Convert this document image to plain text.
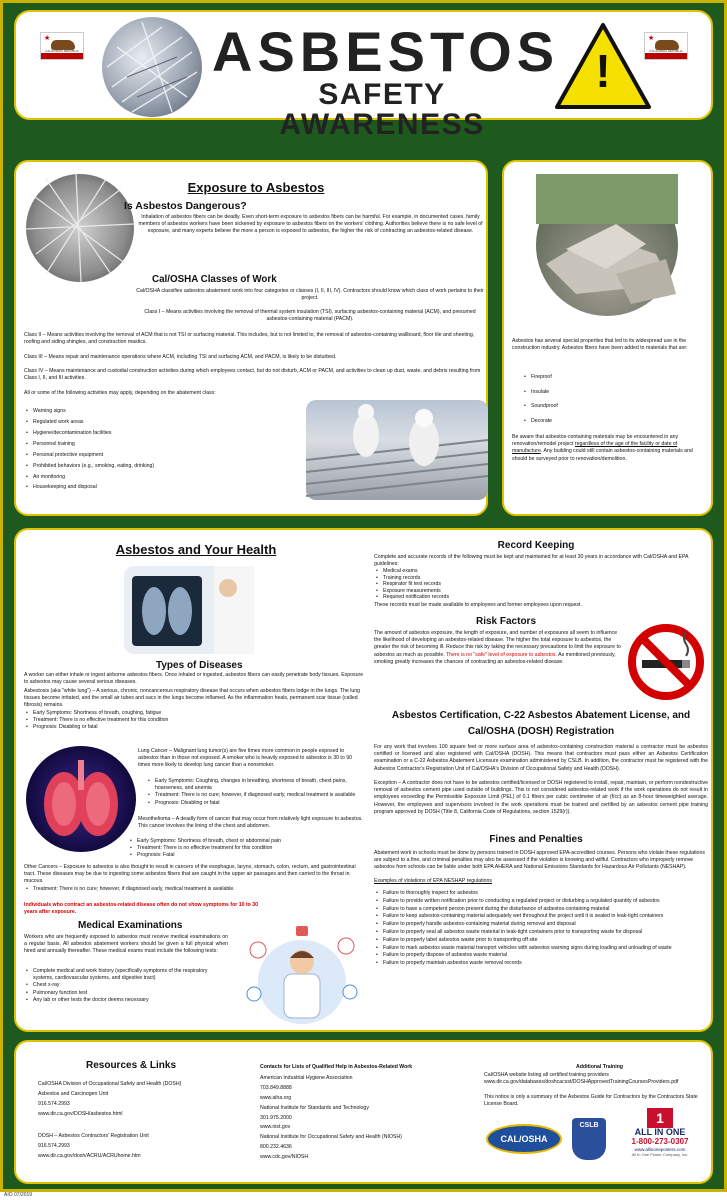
★
CALIFORNIA REPUBLIC ASBESTOS
SAFETY AWARENESS
!
★
CALIFORNIA REPUBLIC
Exposure to Asbestos
Is Asbestos Dangerous?
Inhalation of asbestos fibers can be deadly. Even short-term exposure to asbestos fibers can be harmful. For example, in documented cases, family members of asbestos workers have been sickened by exposure to asbestos fibers on the workers' clothing. Authorities believe there is no safe level of exposure, and many experts believe the more a person is exposed to asbestos, the higher the risk of contracting an asbestos-related disease.
Cal/OSHA Classes of Work
Cal/OSHA classifies asbestos abatement work into four categories or classes (I, II, III, IV). Contractors should know which class of work pertains to their project.
Class I – Means activities involving the removal of thermal system insulation (TSI), surfacing asbestos-containing material (ACM), and presumed asbestos-containing material (PACM).
Class II – Means activities involving the removal of ACM that is not TSI or surfacing material. This includes, but is not limited to, the removal of asbestos-containing wallboard, floor tile and sheeting, roofing and siding shingles, and construction mastics.
Class III – Means repair and maintenance operations where ACM, including TSI and surfacing ACM, and PACM, is likely to be disturbed.
Class IV – Means maintenance and custodial construction activities during which employees contact, but do not disturb, ACM or PACM, and activities to clean up dust, waste, and debris resulting from Class I, II, and III activities.
All or some of the following activities may apply, depending on the abatement class:
• Warning signs
• Regulated work areas
• Hygiene/decontamination facilities
• Personnel training
• Personal protective equipment
• Prohibited behaviors (e.g., smoking, eating, drinking)
• Air monitoring
• Housekeeping and disposal
Asbestos has several special properties that led to its widespread use in the construction industry. Asbestos fibers have been added to materials that are:
• Fireproof
• Insulate
• Soundproof
• Decorate
Be aware that asbestos-containing materials may be encountered in any renovation/remodel project regardless of the age of the facility or date of manufacture. Any building could still contain asbestos-containing materials and should be surveyed prior to renovation/demolition.
Asbestos and Your Health
Types of Diseases
A worker can either inhale or ingest airborne asbestos fibers. Once inhaled or ingested, asbestos fibers can easily penetrate body tissues. Exposure to asbestos may cause several serious diseases.
Asbestosis (aka "white lung") – A serious, chronic, noncancerous respiratory disease that occurs when asbestos fibers lodge in the lungs. The lung tissues become irritated, and the small air tubes and sacs in the lungs become inflamed. As the inflammation heals, permanent scar tissue (called fibrosis) remains.
• Early Symptoms: Shortness of breath, coughing, fatigue
• Treatment: There is no effective treatment for this condition
• Prognosis: Disabling or fatal
Lung Cancer – Malignant lung tumor(s) are five times more common in people exposed to asbestos than in those not exposed. A smoker who is heavily exposed to asbestos is 30 to 90 times more likely to develop lung cancer than a nonsmoker.
• Early Symptoms: Coughing, changes in breathing, shortness of breath, chest pains, hoarseness, and anemia
• Treatment: There is no cure; however, if diagnosed early, medical treatment is available
• Prognosis: Disabling or fatal
Mesothelioma – A deadly form of cancer that may occur from relatively light exposure to asbestos. This cancer involves the lining of the chest and abdomen.
• Early Symptoms: Shortness of breath, chest or abdominal pain
• Treatment: There is no effective treatment for this condition
• Prognosis: Fatal
Other Cancers – Exposure to asbestos is also thought to result in cancers of the esophagus, larynx, stomach, colon, rectum, and gastrointestinal tract. These diseases may be due to ingesting some asbestos fibers that are caught in the upper air passages and then carried to the throat in mucous.
• Treatment: There is no cure; however, if diagnosed early, medical treatment is available.
Individuals who contract an asbestos-related disease often do not show symptoms for 10 to 30 years after exposure.
Medical Examinations
Workers who are frequently exposed to asbestos must receive medical examinations on a regular basis. All asbestos abatement workers should be given a full physical when hired and annually thereafter. These medical exams must include the following tests:
• Complete medical and work history (specifically symptoms of the respiratory systems, cardiovascular systems, and digestive tract)
• Chest x-ray
• Pulmonary function test
• Any lab or other tests the doctor deems necessary
Record Keeping
Complete and accurate records of the following must be kept and maintained for at least 30 years in accordance with Cal/OSHA and EPA guidelines:
• Medical exams
• Training records
• Respirator fit test records
• Exposure measurements
• Required notification records
These records must be made available to employees and former employees upon request.
Risk Factors
The amount of asbestos exposure, the length of exposure, and number of exposures all seem to influence the likelihood of developing an asbestos-related disease. The higher the total exposure to asbestos, the greater the risk of becoming ill. Reduce this risk by taking the necessary precautions to limit the exposure to asbestos as much as possible. There is no "safe" level of exposure to asbestos. As mentioned previously, smoking greatly increases the chances of contracting an asbestos-related disease.
Asbestos Certification, C-22 Asbestos Abatement License, and
Cal/OSHA (DOSH) Registration
For any work that involves 100 square feet or more surface area of asbestos-containing construction material a contractor must be asbestos certified or licensed and also registered with Cal/OSHA (DOSH). This means that contractors must pass either an Asbestos Certification examination or a C-22 Asbestos Abatement Licensure examination administered by CSLB. In addition, the contractor must be registered with the Asbestos Contractor's Registration Unit of Cal/OSHA's Division of Occupational Safety and Health (DOSH).
Exception – A contractor does not have to be asbestos certified/licensed or DOSH registered to install, repair, maintain, or perform nondestructive removal of asbestos cement pipe used outside of buildings. This is not considered asbestos-related work if the work operations do not result in employees exceeding the Permissible Exposure Limit (PEL) of 0.1 fibers per cubic centimeter of air (f/cc) as an 8-hour timeweighted average. However, the employees and supervisors involved in the work operations must be trained and certified by an asbestos cement pipe training program approved by DOSH (Title 8, California Code of Regulations, section 1529(r)).
Fines and Penalties
Abatement work in schools must be done by persons trained in DOSH approved EPA-accredited courses. Persons who violate these regulations are subject to a fine, and criminal penalties may also be assessed if the violation is knowing and willful. Contractors who improperly remove asbestos from schools can be liable under both EPA AHERA and National Emissions Standards for Hazardous Air Pollutants (NESHAP).
Examples of violations of EPA NESHAP regulations
• Failure to thoroughly inspect for asbestos
• Failure to provide written notification prior to conducting a regulated project or disturbing a regulated quantity of asbestos
• Failure to have a competent person present during the disturbance of asbestos-containing material
• Failure to keep asbestos-containing material adequately wet throughout the project until it is sealed in leak-tight containers
• Failure to properly handle asbestos-containing material during removal and disposal
• Failure to properly seal all asbestos waste material in leak-tight containers prior to transporting waste for disposal
• Failure to properly label asbestos waste prior to transporting off site
• Failure to mark asbestos waste material transport vehicles with asbestos warning signs during loading and unloading of waste
• Failure to properly dispose of asbestos waste material
• Failure to properly maintain asbestos waste removal records
Resources & Links
Cal/OSHA Division of Occupational Safety and Health (DOSH)
Asbestos and Carcinogen Unit
916.574.2993
www.dir.ca.gov/DOSH/asbestos.html
DOSH – Asbestos Contractors' Registration Unit
916.574.2993
www.dir.ca.gov/dosh/ACRU/ACRUhome.htm
Contacts for Lists of Qualified Help in Asbestos-Related Work
American Industrial Hygiene Association
703.849.8888
www.aiha.org
National Institute for Standards and Technology
301.975.2000
www.nist.gov
National Institute for Occupational Safety and Health (NIOSH)
800.232.4636
www.cdc.gov/NIOSH
Additional Training
Cal/OSHA website listing all certified training providers
www.dir.ca.gov/databases/doshcacsst/DOSHApprovedTrainingCoursesProviders.pdf
This notice is only a summary of the Asbestos Guide for Contractors by the Contractors State License Board.
CAL/OSHA
CSLB	1
ALL IN ONE
1-800-273-0307
www.allinoneposters.com
All In One Poster Company, Inc.
AIO 07/2019
